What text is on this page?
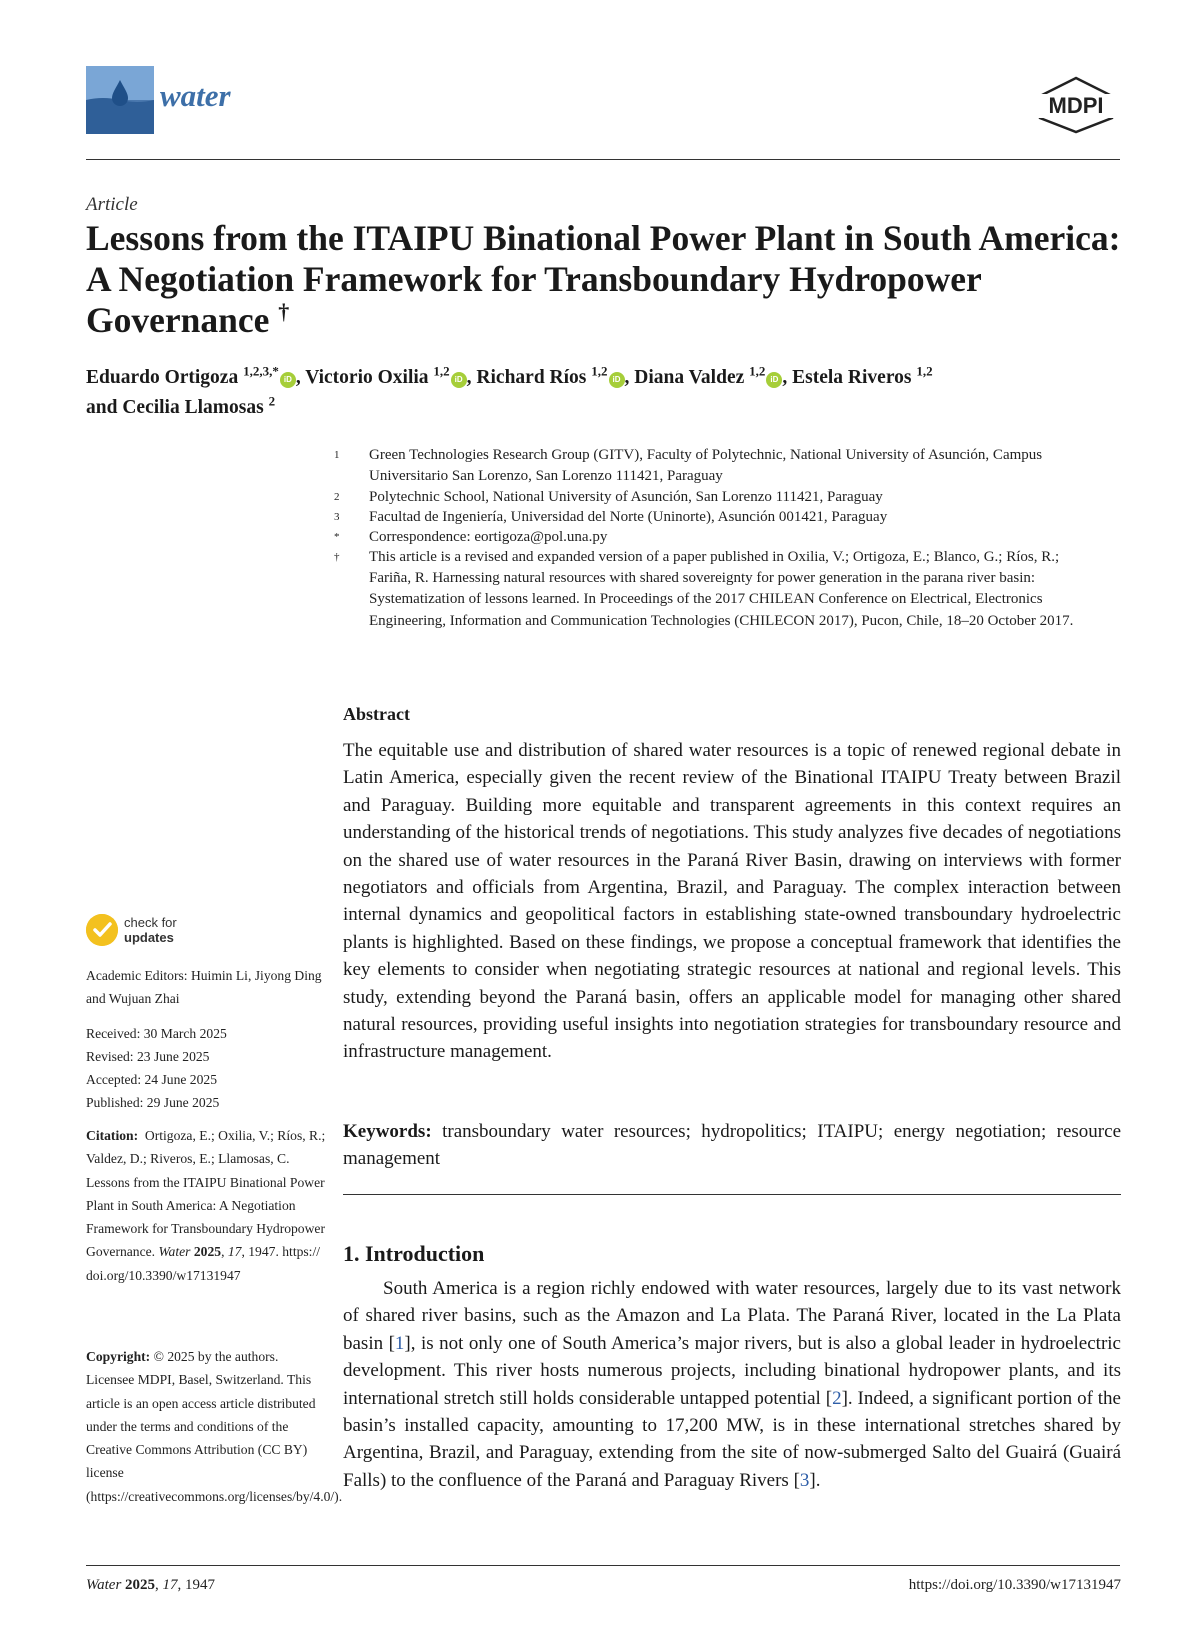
water	MDPI
Article
Lessons from the ITAIPU Binational Power Plant in South America: A Negotiation Framework for Transboundary Hydropower Governance †
Eduardo Ortigoza $^{1,2,3,*}$iD , Victorio Oxilia $^{1,2}$iD , Richard Ríos $^{1,2}$iD , Diana Valdez $^{1,2}$iD , Estela Riveros $^{1,2}$
and Cecilia Llamosas $^2$
1	Green Technologies Research Group (GITV), Faculty of Polytechnic, National University of Asunción, Campus Universitario San Lorenzo, San Lorenzo 111421, Paraguay
2	Polytechnic School, National University of Asunción, San Lorenzo 111421, Paraguay
3	Facultad de Ingeniería, Universidad del Norte (Uninorte), Asunción 001421, Paraguay
*	Correspondence: eortigoza@pol.una.py
†	This article is a revised and expanded version of a paper published in Oxilia, V.; Ortigoza, E.; Blanco, G.; Ríos, R.; Fariña, R. Harnessing natural resources with shared sovereignty for power generation in the parana river basin: Systematization of lessons learned. In Proceedings of the 2017 CHILEAN Conference on Electrical, Electronics Engineering, Information and Communication Technologies (CHILECON 2017), Pucon, Chile, 18–20 October 2017.
Abstract
The equitable use and distribution of shared water resources is a topic of renewed regional debate in Latin America, especially given the recent review of the Binational ITAIPU Treaty between Brazil and Paraguay. Building more equitable and transparent agreements in this context requires an understanding of the historical trends of negotiations. This study analyzes five decades of negotiations on the shared use of water resources in the Paraná River Basin, drawing on interviews with former negotiators and officials from Argentina, Brazil, and Paraguay. The complex interaction between internal dynamics and geopolitical factors in establishing state-owned transboundary hydroelectric plants is highlighted. Based on these findings, we propose a conceptual framework that identifies the key elements to consider when negotiating strategic resources at national and regional levels. This study, extending beyond the Paraná basin, offers an applicable model for managing other shared natural resources, providing useful insights into negotiation strategies for transboundary resource and infrastructure management.
Keywords: transboundary water resources; hydropolitics; ITAIPU; energy negotiation; resource management
1. Introduction
South America is a region richly endowed with water resources, largely due to its vast network of shared river basins, such as the Amazon and La Plata. The Paraná River, located in the La Plata basin [1], is not only one of South America’s major rivers, but is also a global leader in hydroelectric development. This river hosts numerous projects, including binational hydropower plants, and its international stretch still holds considerable untapped potential [2]. Indeed, a significant portion of the basin’s installed capacity, amounting to 17,200 MW, is in these international stretches shared by Argentina, Brazil, and Paraguay, extending from the site of now-submerged Salto del Guairá (Guairá Falls) to the confluence of the Paraná and Paraguay Rivers [3].
check for
updates
Academic Editors: Huimin Li, Jiyong Ding and Wujuan Zhai
Received: 30 March 2025
Revised: 23 June 2025
Accepted: 24 June 2025
Published: 29 June 2025
Citation: Ortigoza, E.; Oxilia, V.; Ríos, R.; Valdez, D.; Riveros, E.; Llamosas, C. Lessons from the ITAIPU Binational Power Plant in South America: A Negotiation Framework for Transboundary Hydropower Governance. Water 2025, 17, 1947. https://doi.org/10.3390/w17131947
Copyright: © 2025 by the authors. Licensee MDPI, Basel, Switzerland. This article is an open access article distributed under the terms and conditions of the Creative Commons Attribution (CC BY) license (https://creativecommons.org/licenses/by/4.0/).
Water 2025, 17, 1947	https://doi.org/10.3390/w17131947
